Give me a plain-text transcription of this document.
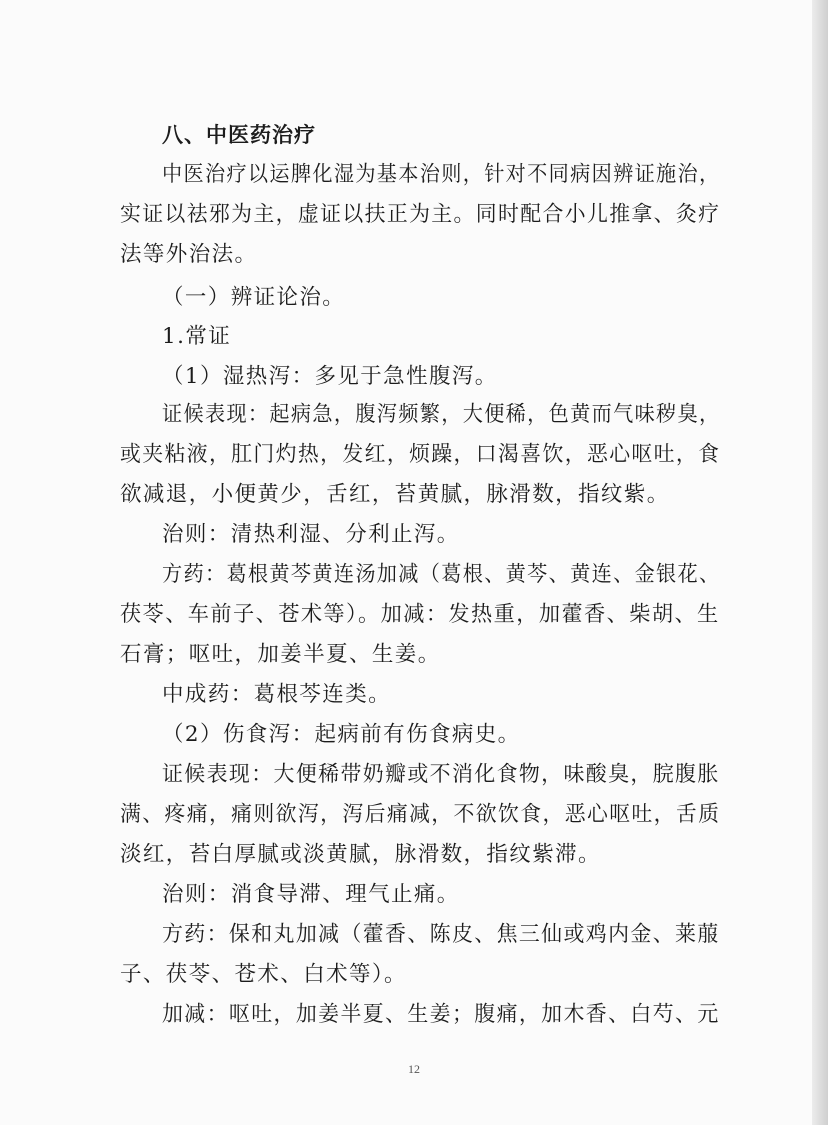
八、中医药治疗
中医治疗以运脾化湿为基本治则，针对不同病因辨证施治，
实证以祛邪为主，虚证以扶正为主。同时配合小儿推拿、灸疗
法等外治法。
（一）辨证论治。
1.常证
（1）湿热泻：多见于急性腹泻。
证候表现：起病急，腹泻频繁，大便稀，色黄而气味秽臭，
或夹粘液，肛门灼热，发红，烦躁，口渴喜饮，恶心呕吐，食
欲减退，小便黄少，舌红，苔黄腻，脉滑数，指纹紫。
治则：清热利湿、分利止泻。
方药：葛根黄芩黄连汤加减（葛根、黄芩、黄连、金银花、
茯苓、车前子、苍术等）。加减：发热重，加藿香、柴胡、生
石膏；呕吐，加姜半夏、生姜。
中成药：葛根芩连类。
（2）伤食泻：起病前有伤食病史。
证候表现：大便稀带奶瓣或不消化食物，味酸臭，脘腹胀
满、疼痛，痛则欲泻，泻后痛减，不欲饮食，恶心呕吐，舌质
淡红，苔白厚腻或淡黄腻，脉滑数，指纹紫滞。
治则：消食导滞、理气止痛。
方药：保和丸加减（藿香、陈皮、焦三仙或鸡内金、莱菔
子、茯苓、苍术、白术等）。
加减：呕吐，加姜半夏、生姜；腹痛，加木香、白芍、元
12
